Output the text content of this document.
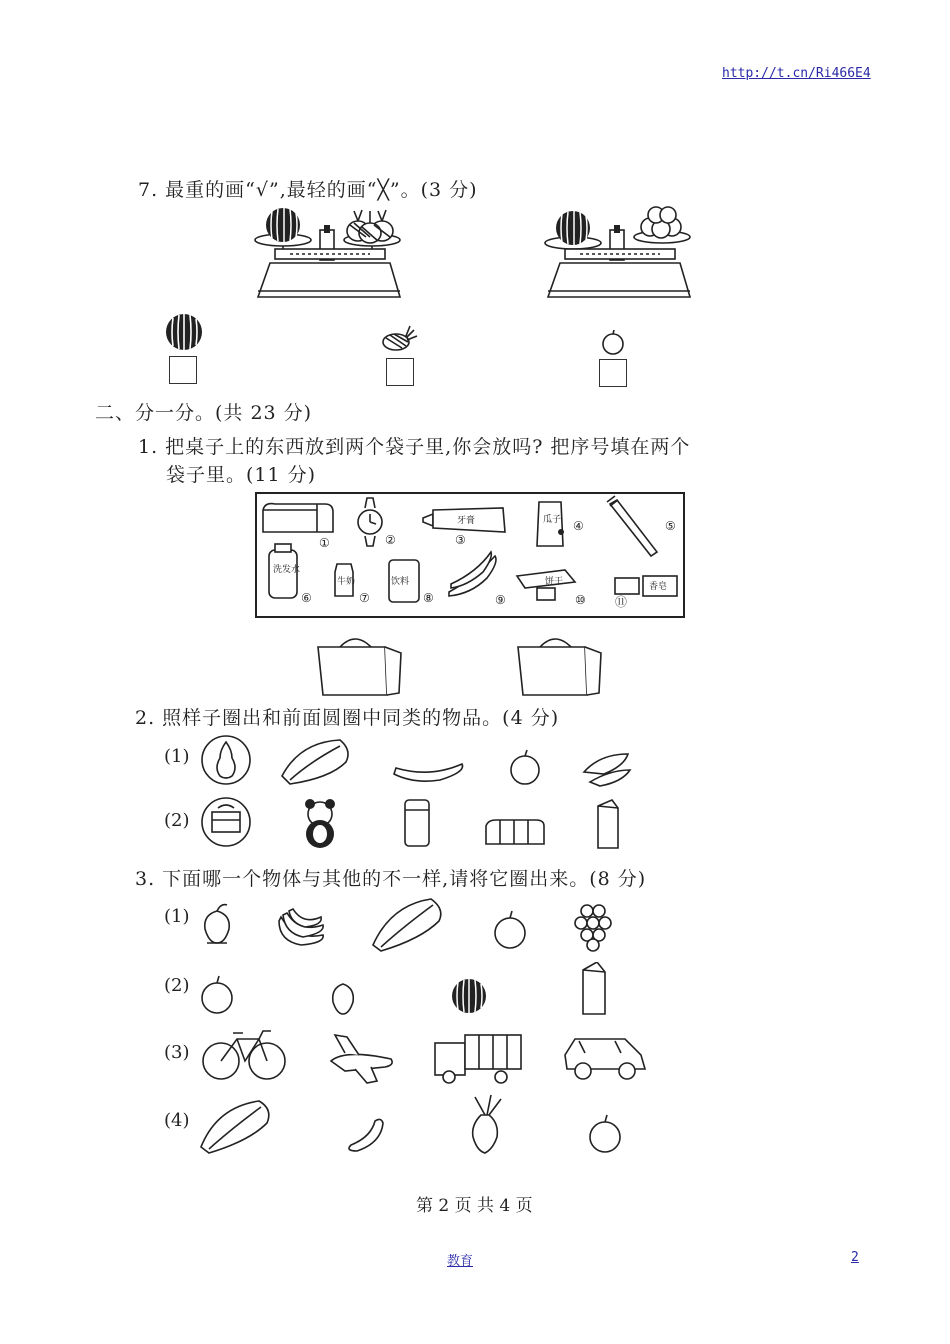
http://t.cn/Ri466E4
7. 最重的画“√”,最轻的画“╳”。(3 分)
二、分一分。(共 23 分)
1. 把桌子上的东西放到两个袋子里,你会放吗? 把序号填在两个
袋子里。(11 分)
①	②
牙膏
③
瓜子 ④	⑤
洗发水
⑥
牛奶
⑦
饮料
⑧	⑨
饼干
⑩
香皂
⑪
2. 照样子圈出和前面圆圈中同类的物品。(4 分)
(1)
(2)
3. 下面哪一个物体与其他的不一样,请将它圈出来。(8 分)
(1)
(2)
(3)
(4)
第 2 页 共 4 页
教育	2
